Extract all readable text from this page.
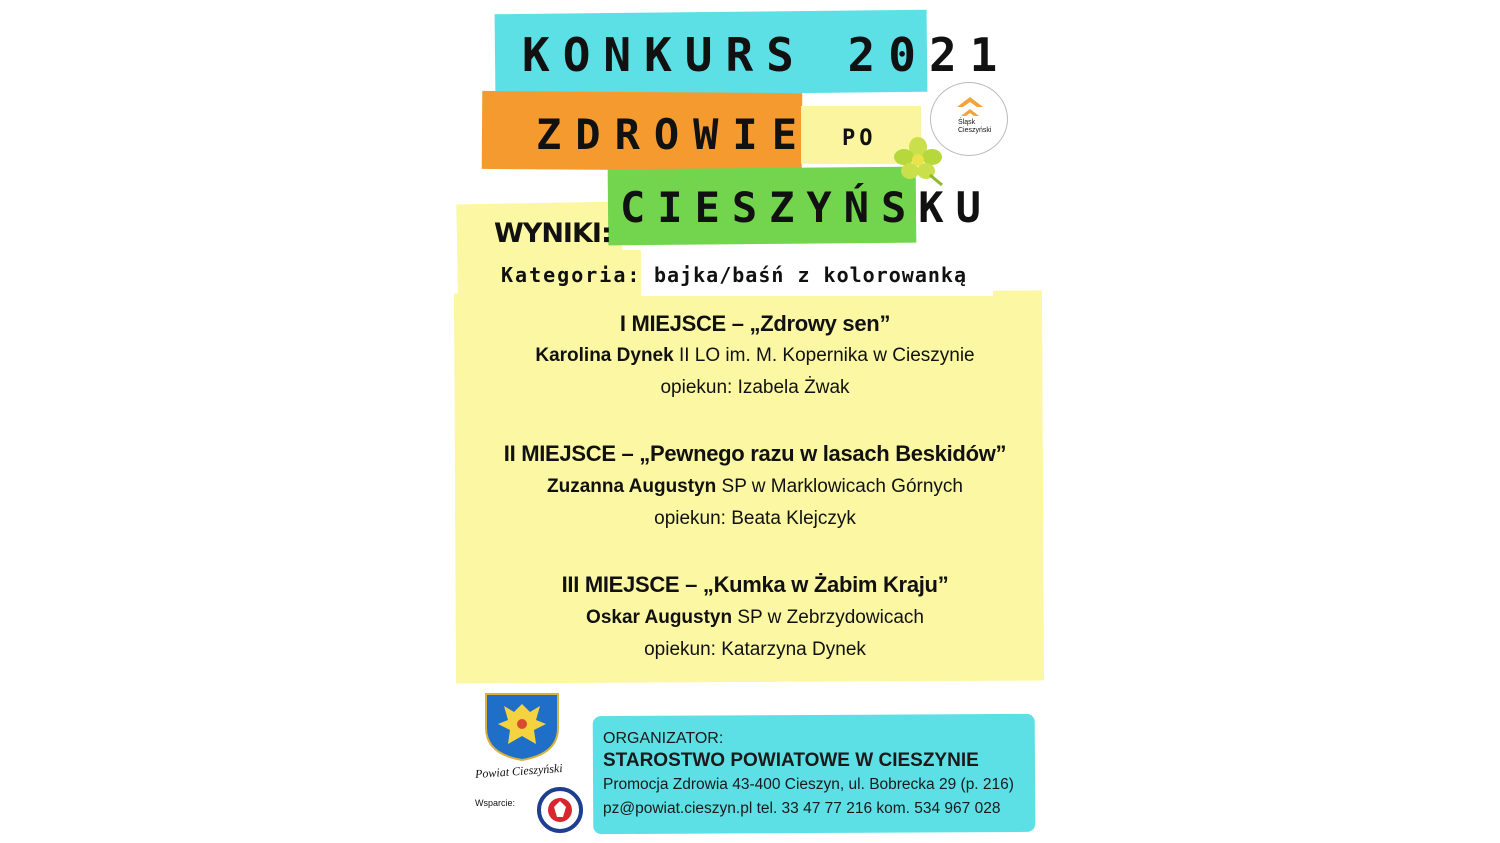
KONKURS 2021
ZDROWIE PO
CIESZYŃSKU
Śląsk
Cieszyński
WYNIKI:
Kategoria: bajka/baśń z kolorowanką
I MIEJSCE – „Zdrowy sen”
Karolina Dynek II LO im. M. Kopernika w Cieszynie
opiekun: Izabela Żwak
II MIEJSCE – „Pewnego razu w lasach Beskidów”
Zuzanna Augustyn SP w Marklowicach Górnych
opiekun: Beata Klejczyk
III MIEJSCE – „Kumka w Żabim Kraju”
Oskar Augustyn SP w Zebrzydowicach
opiekun: Katarzyna Dynek
Powiat Cieszyński
Wsparcie:
ORGANIZATOR:
STAROSTWO POWIATOWE W CIESZYNIE
Promocja Zdrowia 43-400 Cieszyn, ul. Bobrecka 29 (p. 216)
pz@powiat.cieszyn.pl tel. 33 47 77 216 kom. 534 967 028
